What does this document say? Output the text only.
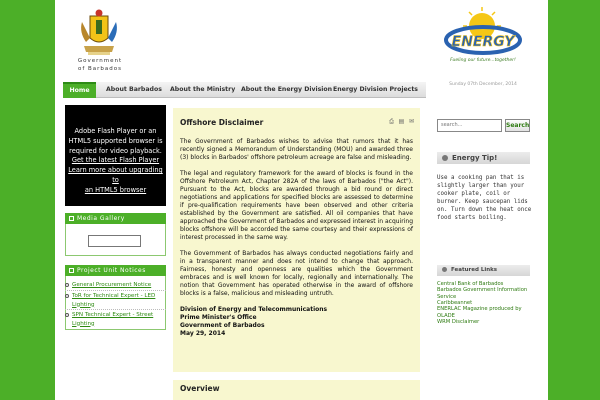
Government
of Barbados
ENERGY
Fueling our future...together!
Sunday 07th December, 2014
Home	About Barbados About the Ministry About the Energy Division Energy Division Projects
Adobe Flash Player or an
HTML5 supported browser is
required for video playback.
Get the latest Flash Player
Learn more about upgrading to
an HTML5 browser
Media Gallery
Project Unit Notices
General Procurement Notice
ToR for Technical Expert - LED Lighting
SPN Technical Expert - Street Lighting
Offshore Disclaimer	⎙ ▤ ✉

The Government of Barbados wishes to advise that rumors that it has recently signed a Memorandum of Understanding (MOU) and awarded three (3) blocks in Barbados' offshore petroleum acreage are false and misleading.

The legal and regulatory framework for the award of blocks is found in the Offshore Petroleum Act, Chapter 282A of the laws of Barbados ("the Act"). Pursuant to the Act, blocks are awarded through a bid round or direct negotiations and applications for specified blocks are assessed to determine if pre-qualification requirements have been observed and other criteria established by the Government are satisfied. All oil companies that have approached the Government of Barbados and expressed interest in acquiring blocks offshore will be accorded the same courtesy and their expressions of interest processed in the same way.

The Government of Barbados has always conducted negotiations fairly and in a transparent manner and does not intend to change that approach. Fairness, honesty and openness are qualities which the Government embraces and is well known for locally, regionally and internationally. The notion that Government has operated otherwise in the award of offshore blocks is a false, malicious and misleading untruth.

Division of Energy and Telecommunications
Prime Minister's Office
Government of Barbados
May 29, 2014
Overview
search...	Search
Energy Tip!
Use a cooking pan that is slightly larger than your cooker plate, coil or burner. Keep saucepan lids on. Turn down the heat once food starts boiling.
Featured Links
Central Bank of Barbados
Barbados Government Information Service
Caribbeannet
ENERLAC Magazine produced by OLADE
WRM Disclaimer
